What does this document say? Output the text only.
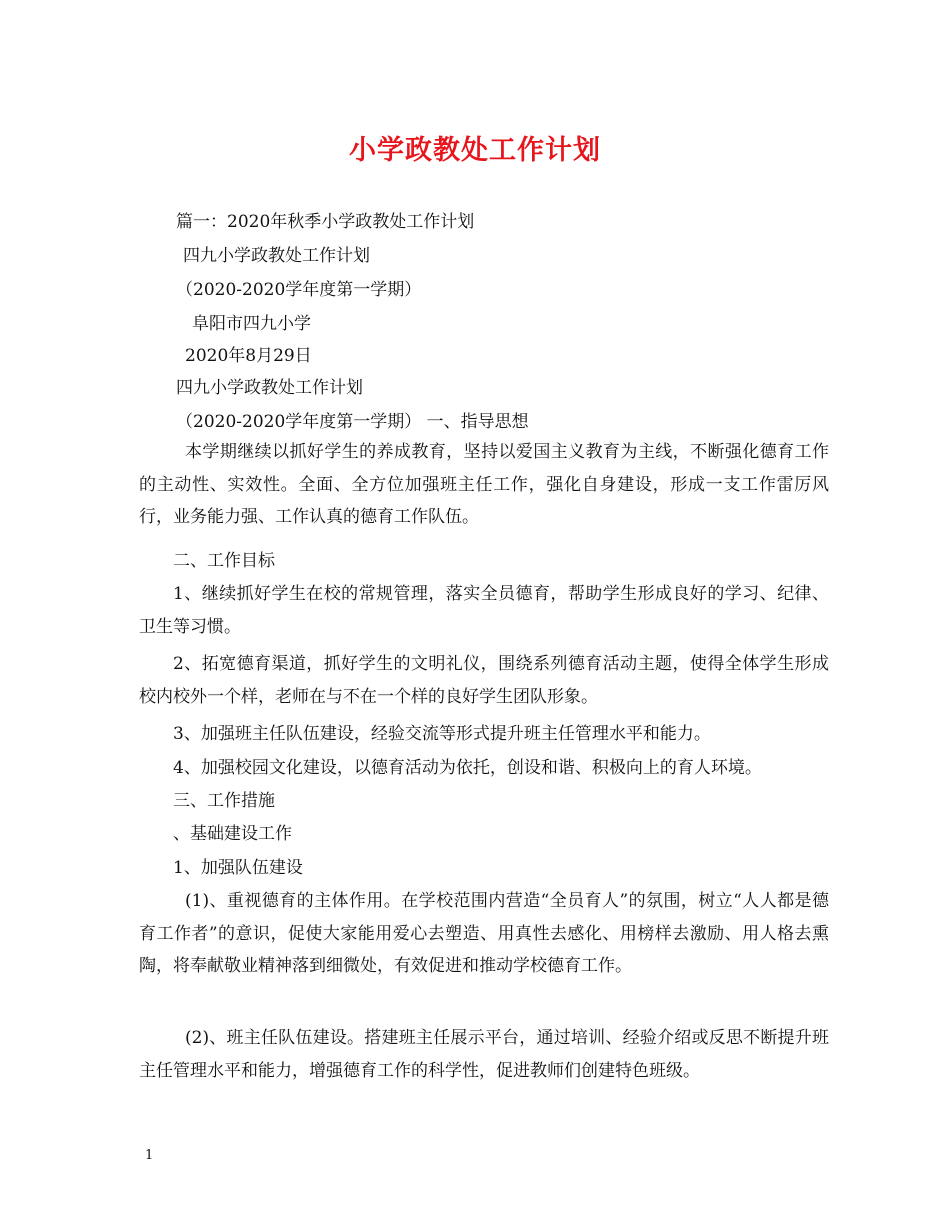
小学政教处工作计划
篇一：2020年秋季小学政教处工作计划
四九小学政教处工作计划
（2020-2020学年度第一学期）
阜阳市四九小学
2020年8月29日
四九小学政教处工作计划
（2020-2020学年度第一学期） 一、指导思想
本学期继续以抓好学生的养成教育，坚持以爱国主义教育为主线，不断强化德育工作的主动性、实效性。全面、全方位加强班主任工作，强化自身建设，形成一支工作雷厉风行，业务能力强、工作认真的德育工作队伍。
二、工作目标
1、继续抓好学生在校的常规管理，落实全员德育，帮助学生形成良好的学习、纪律、卫生等习惯。
2、拓宽德育渠道，抓好学生的文明礼仪，围绕系列德育活动主题，使得全体学生形成校内校外一个样，老师在与不在一个样的良好学生团队形象。
3、加强班主任队伍建设，经验交流等形式提升班主任管理水平和能力。
4、加强校园文化建设，以德育活动为依托，创设和谐、积极向上的育人环境。
三、工作措施
、基础建设工作
1、加强队伍建设
(1)、重视德育的主体作用。在学校范围内营造“全员育人”的氛围，树立“人人都是德育工作者”的意识，促使大家能用爱心去塑造、用真性去感化、用榜样去激励、用人格去熏陶，将奉献敬业精神落到细微处，有效促进和推动学校德育工作。
(2)、班主任队伍建设。搭建班主任展示平台，通过培训、经验介绍或反思不断提升班主任管理水平和能力，增强德育工作的科学性，促进教师们创建特色班级。
1
